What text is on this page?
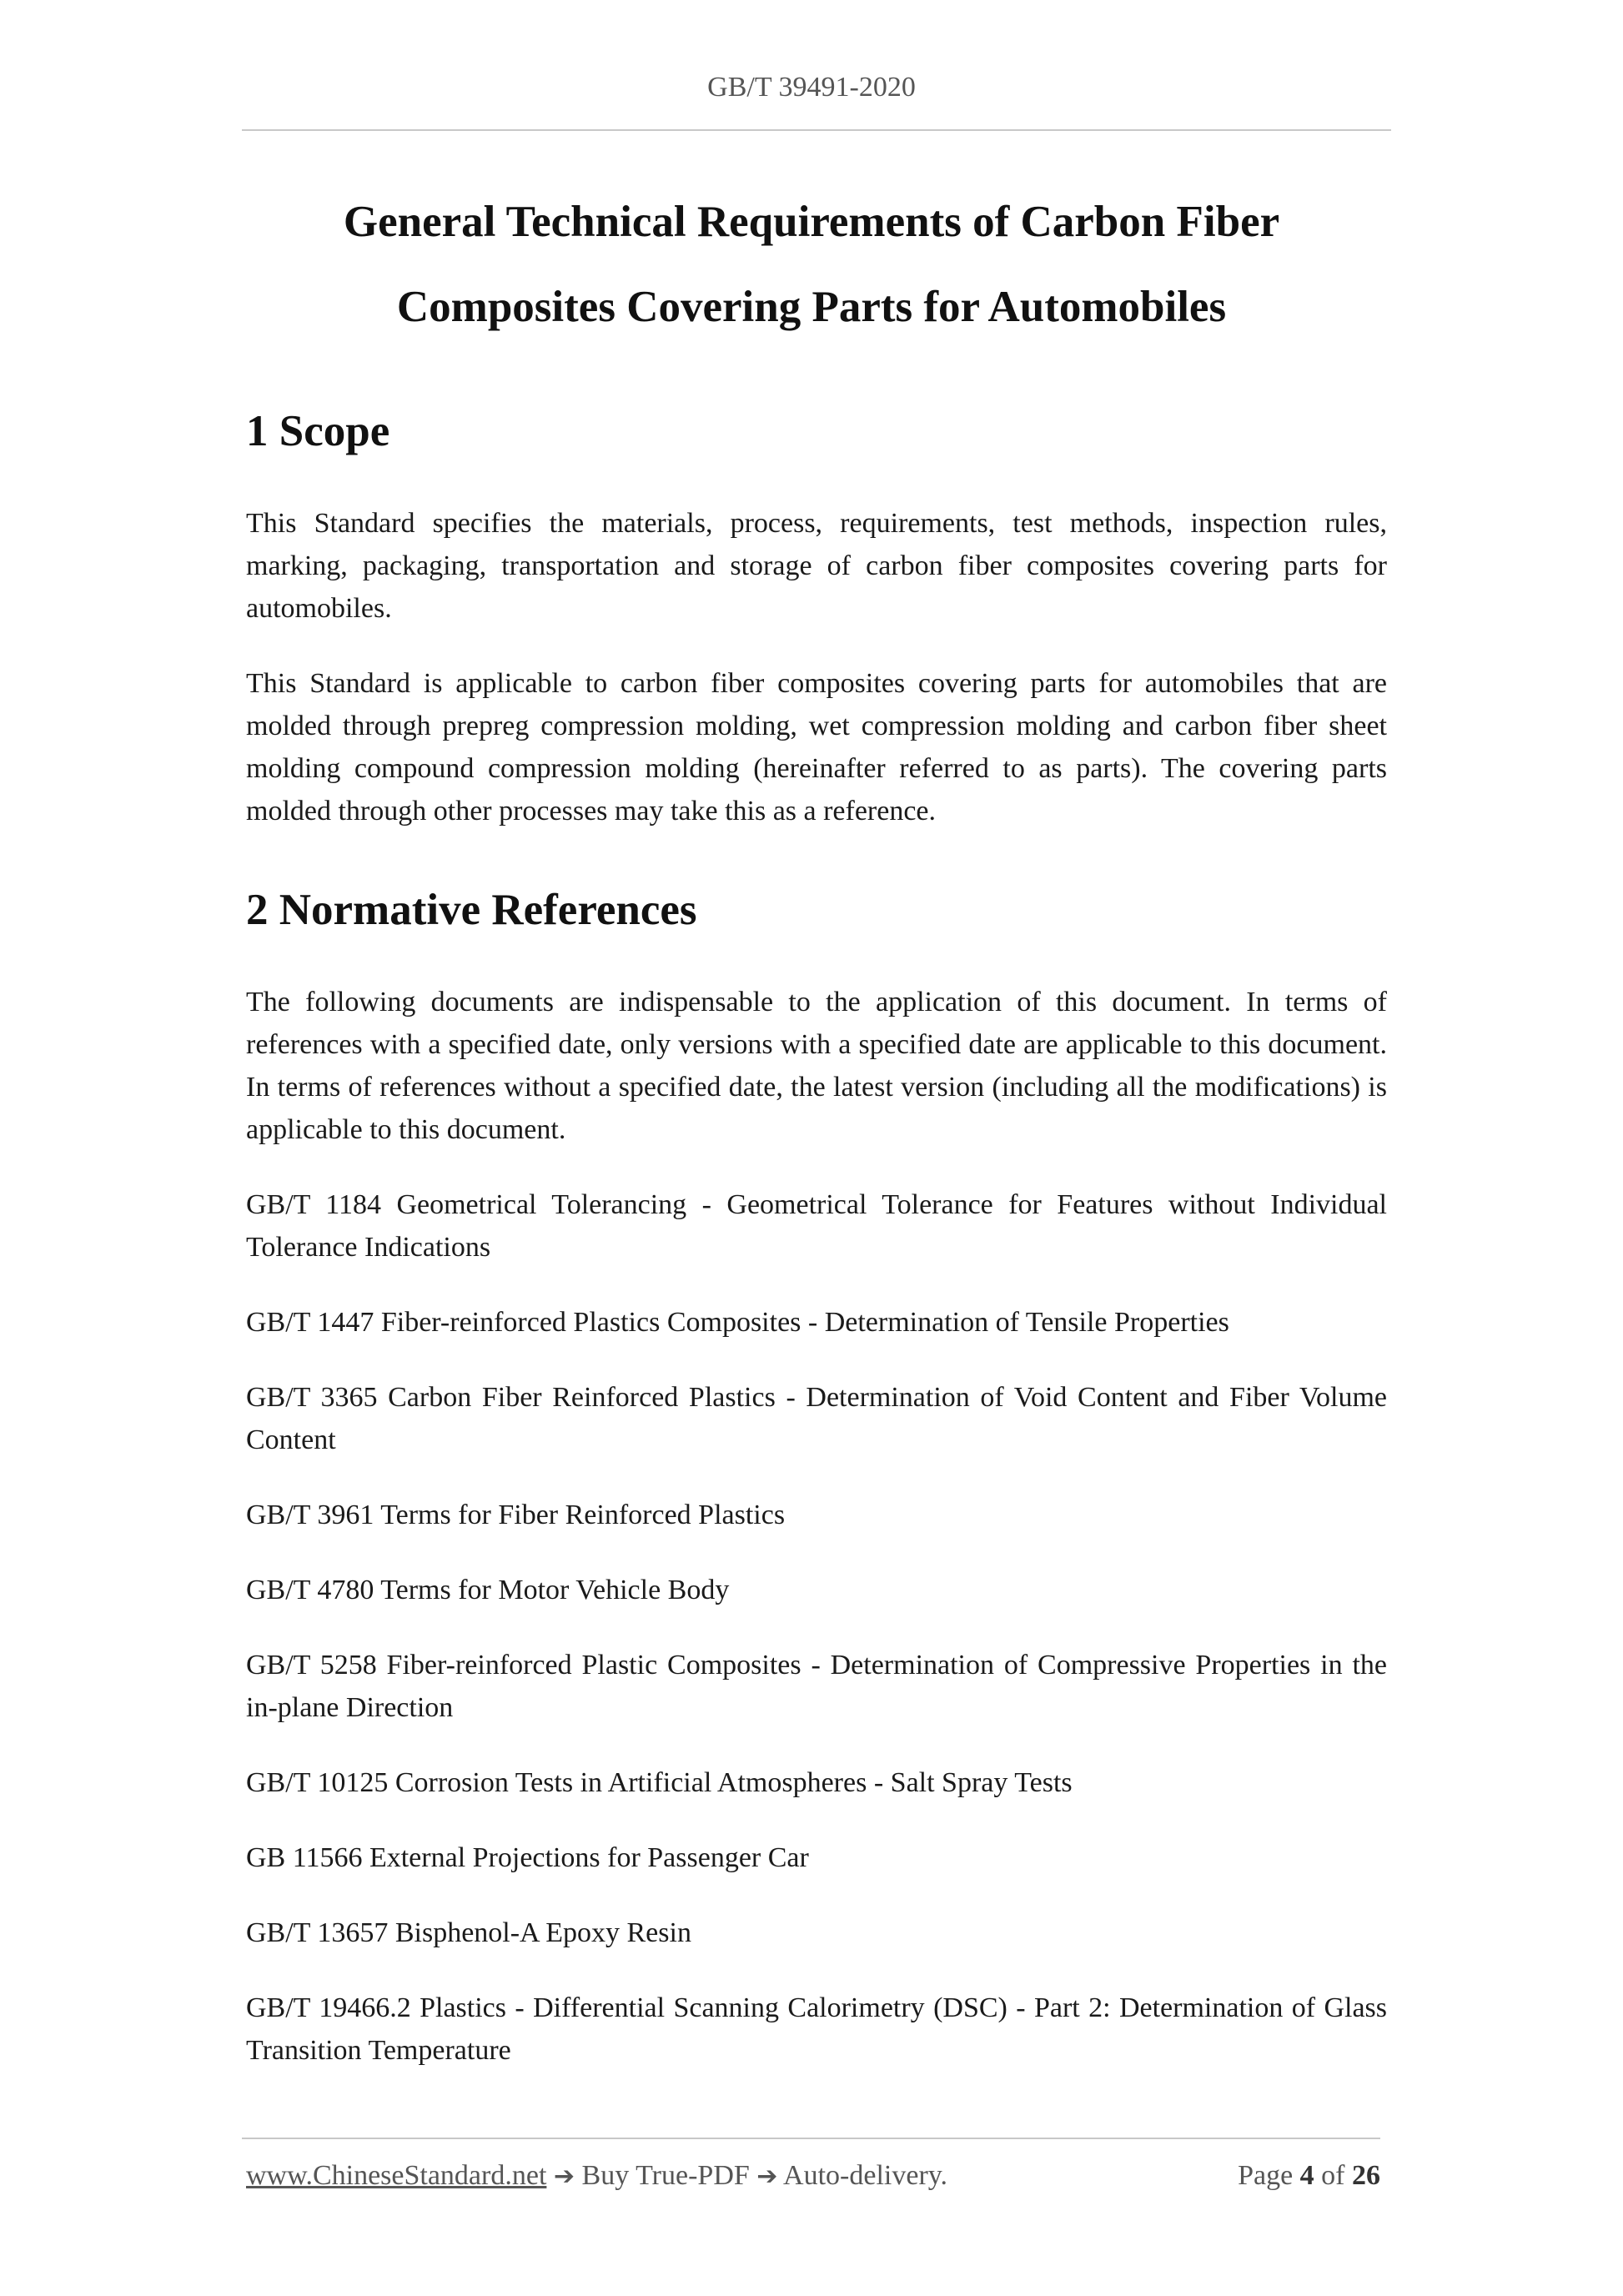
GB/T 39491-2020
General Technical Requirements of Carbon Fiber
Composites Covering Parts for Automobiles
1 Scope

This Standard specifies the materials, process, requirements, test methods, inspection rules, marking, packaging, transportation and storage of carbon fiber composites covering parts for automobiles.

This Standard is applicable to carbon fiber composites covering parts for automobiles that are molded through prepreg compression molding, wet compression molding and carbon fiber sheet molding compound compression molding (hereinafter referred to as parts). The covering parts molded through other processes may take this as a reference.

2 Normative References

The following documents are indispensable to the application of this document. In terms of references with a specified date, only versions with a specified date are applicable to this document. In terms of references without a specified date, the latest version (including all the modifications) is applicable to this document.

GB/T 1184 Geometrical Tolerancing - Geometrical Tolerance for Features without Individual Tolerance Indications

GB/T 1447 Fiber-reinforced Plastics Composites - Determination of Tensile Properties

GB/T 3365 Carbon Fiber Reinforced Plastics - Determination of Void Content and Fiber Volume Content

GB/T 3961 Terms for Fiber Reinforced Plastics

GB/T 4780 Terms for Motor Vehicle Body

GB/T 5258 Fiber-reinforced Plastic Composites - Determination of Compressive Properties in the in-plane Direction

GB/T 10125 Corrosion Tests in Artificial Atmospheres - Salt Spray Tests

GB 11566 External Projections for Passenger Car

GB/T 13657 Bisphenol-A Epoxy Resin

GB/T 19466.2 Plastics - Differential Scanning Calorimetry (DSC) - Part 2: Determination of Glass Transition Temperature

www.ChineseStandard.net ➔ Buy True-PDF ➔ Auto-delivery.	Page 4 of 26
